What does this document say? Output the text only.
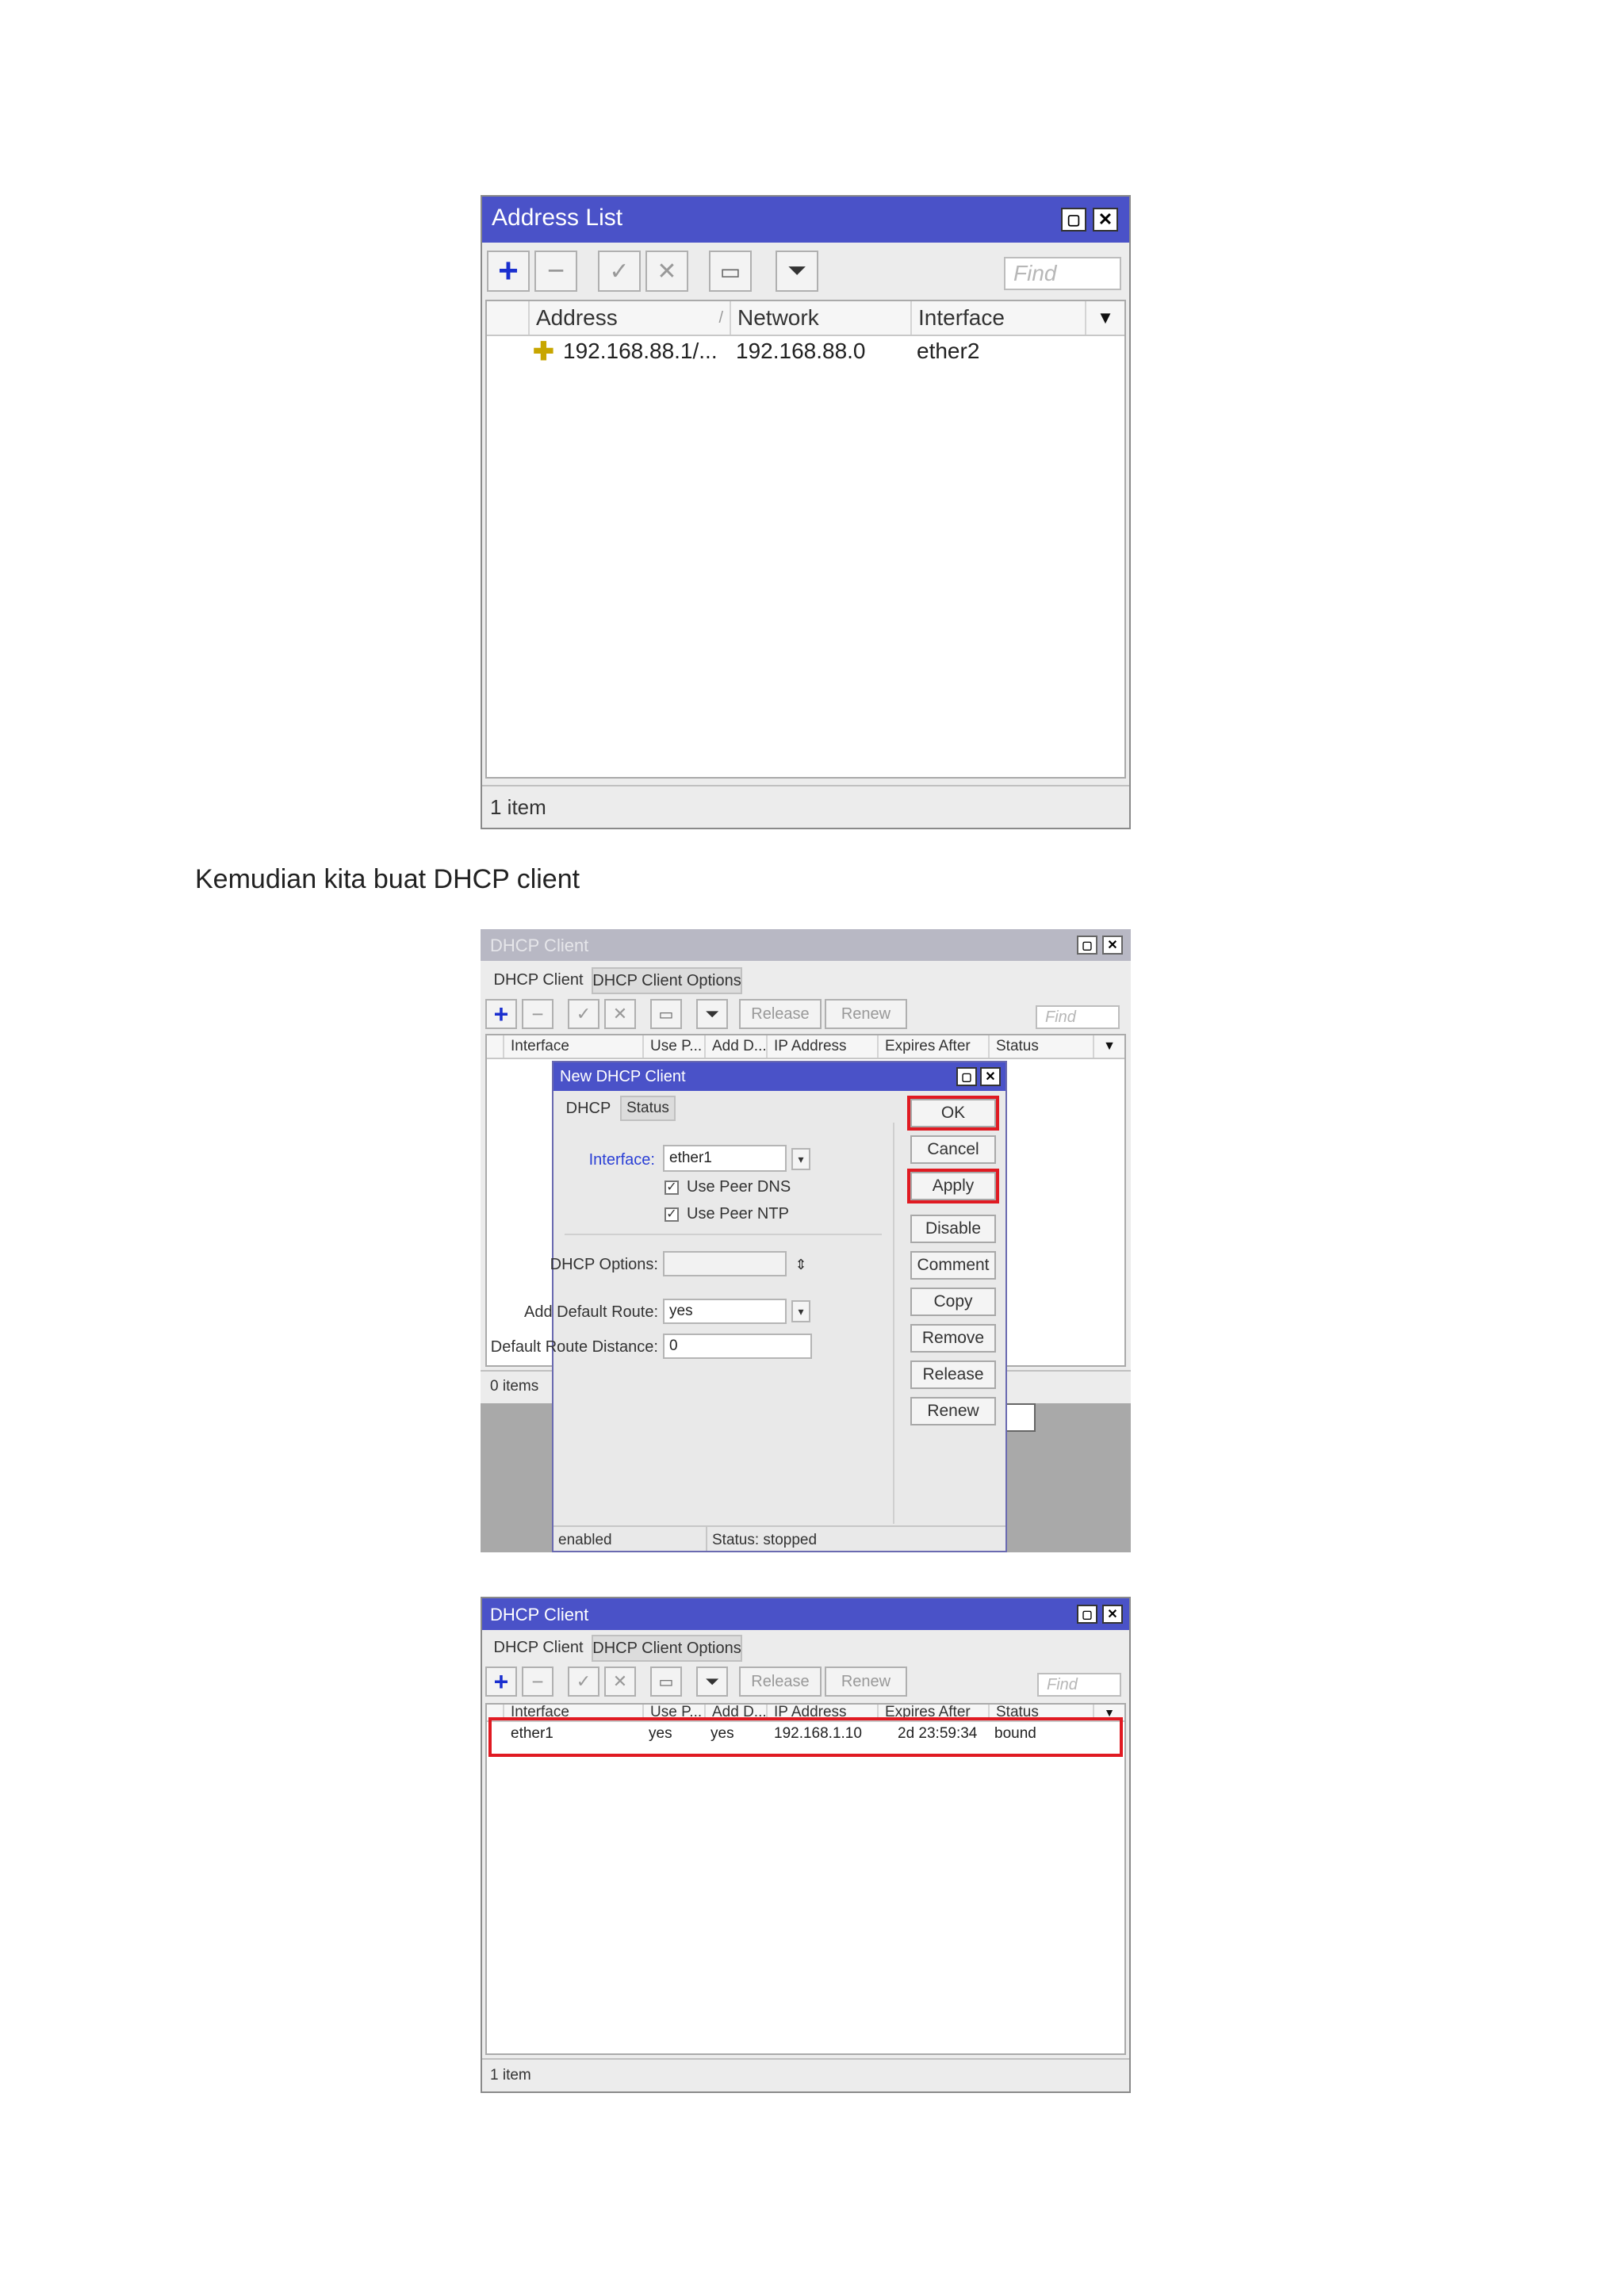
Address List	▢	✕
+ − ✓ ✕ ▭ ⏷	Find
Address	/ Network	Interface	▼
✚ 192.168.88.1/... 192.168.88.0 ether2
1 item
Kemudian kita buat DHCP client
DHCP Client	▢	✕
DHCP Client DHCP Client Options
+ − ✓ ✕ ▭ ⏷	Release	Renew	Find
Interface	Use P... Add D... IP Address	Expires After Status	▼
0 items
New DHCP Client	▢	✕
DHCP	Status
Interface: ether1	▾
✓ Use Peer DNS
✓ Use Peer NTP
DHCP Options:	⇕
Add Default Route: yes	▾
Default Route Distance: 0
OK
Cancel
Apply
Disable
Comment
Copy
Remove
Release
Renew
enabled	Status: stopped
DHCP Client	▢	✕
DHCP Client DHCP Client Options
+ − ✓ ✕ ▭ ⏷	Release	Renew	Find
Interface	Use P... Add D... IP Address	Expires After Status	▼
ether1	yes	yes	192.168.1.10 2d 23:59:34 bound
1 item
